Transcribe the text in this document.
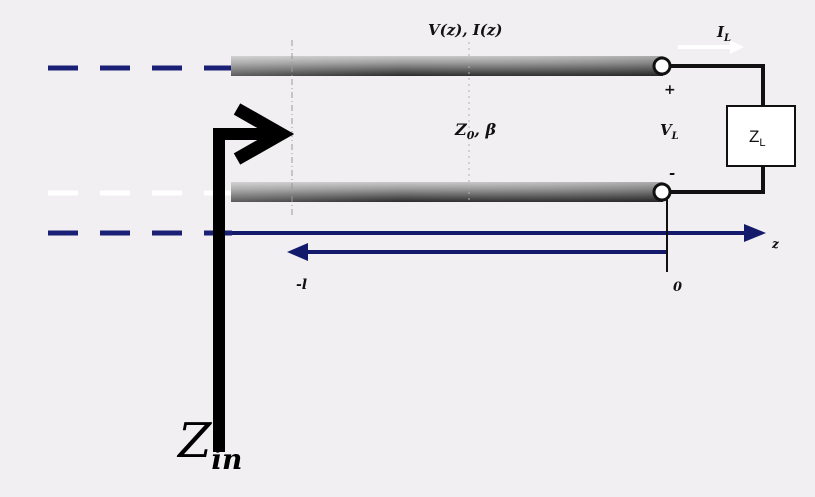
V(z), I(z)
$Z_0$, β
$I_L$
$V_L$
+
-
$Z_L$
z
-l	0
Zin
